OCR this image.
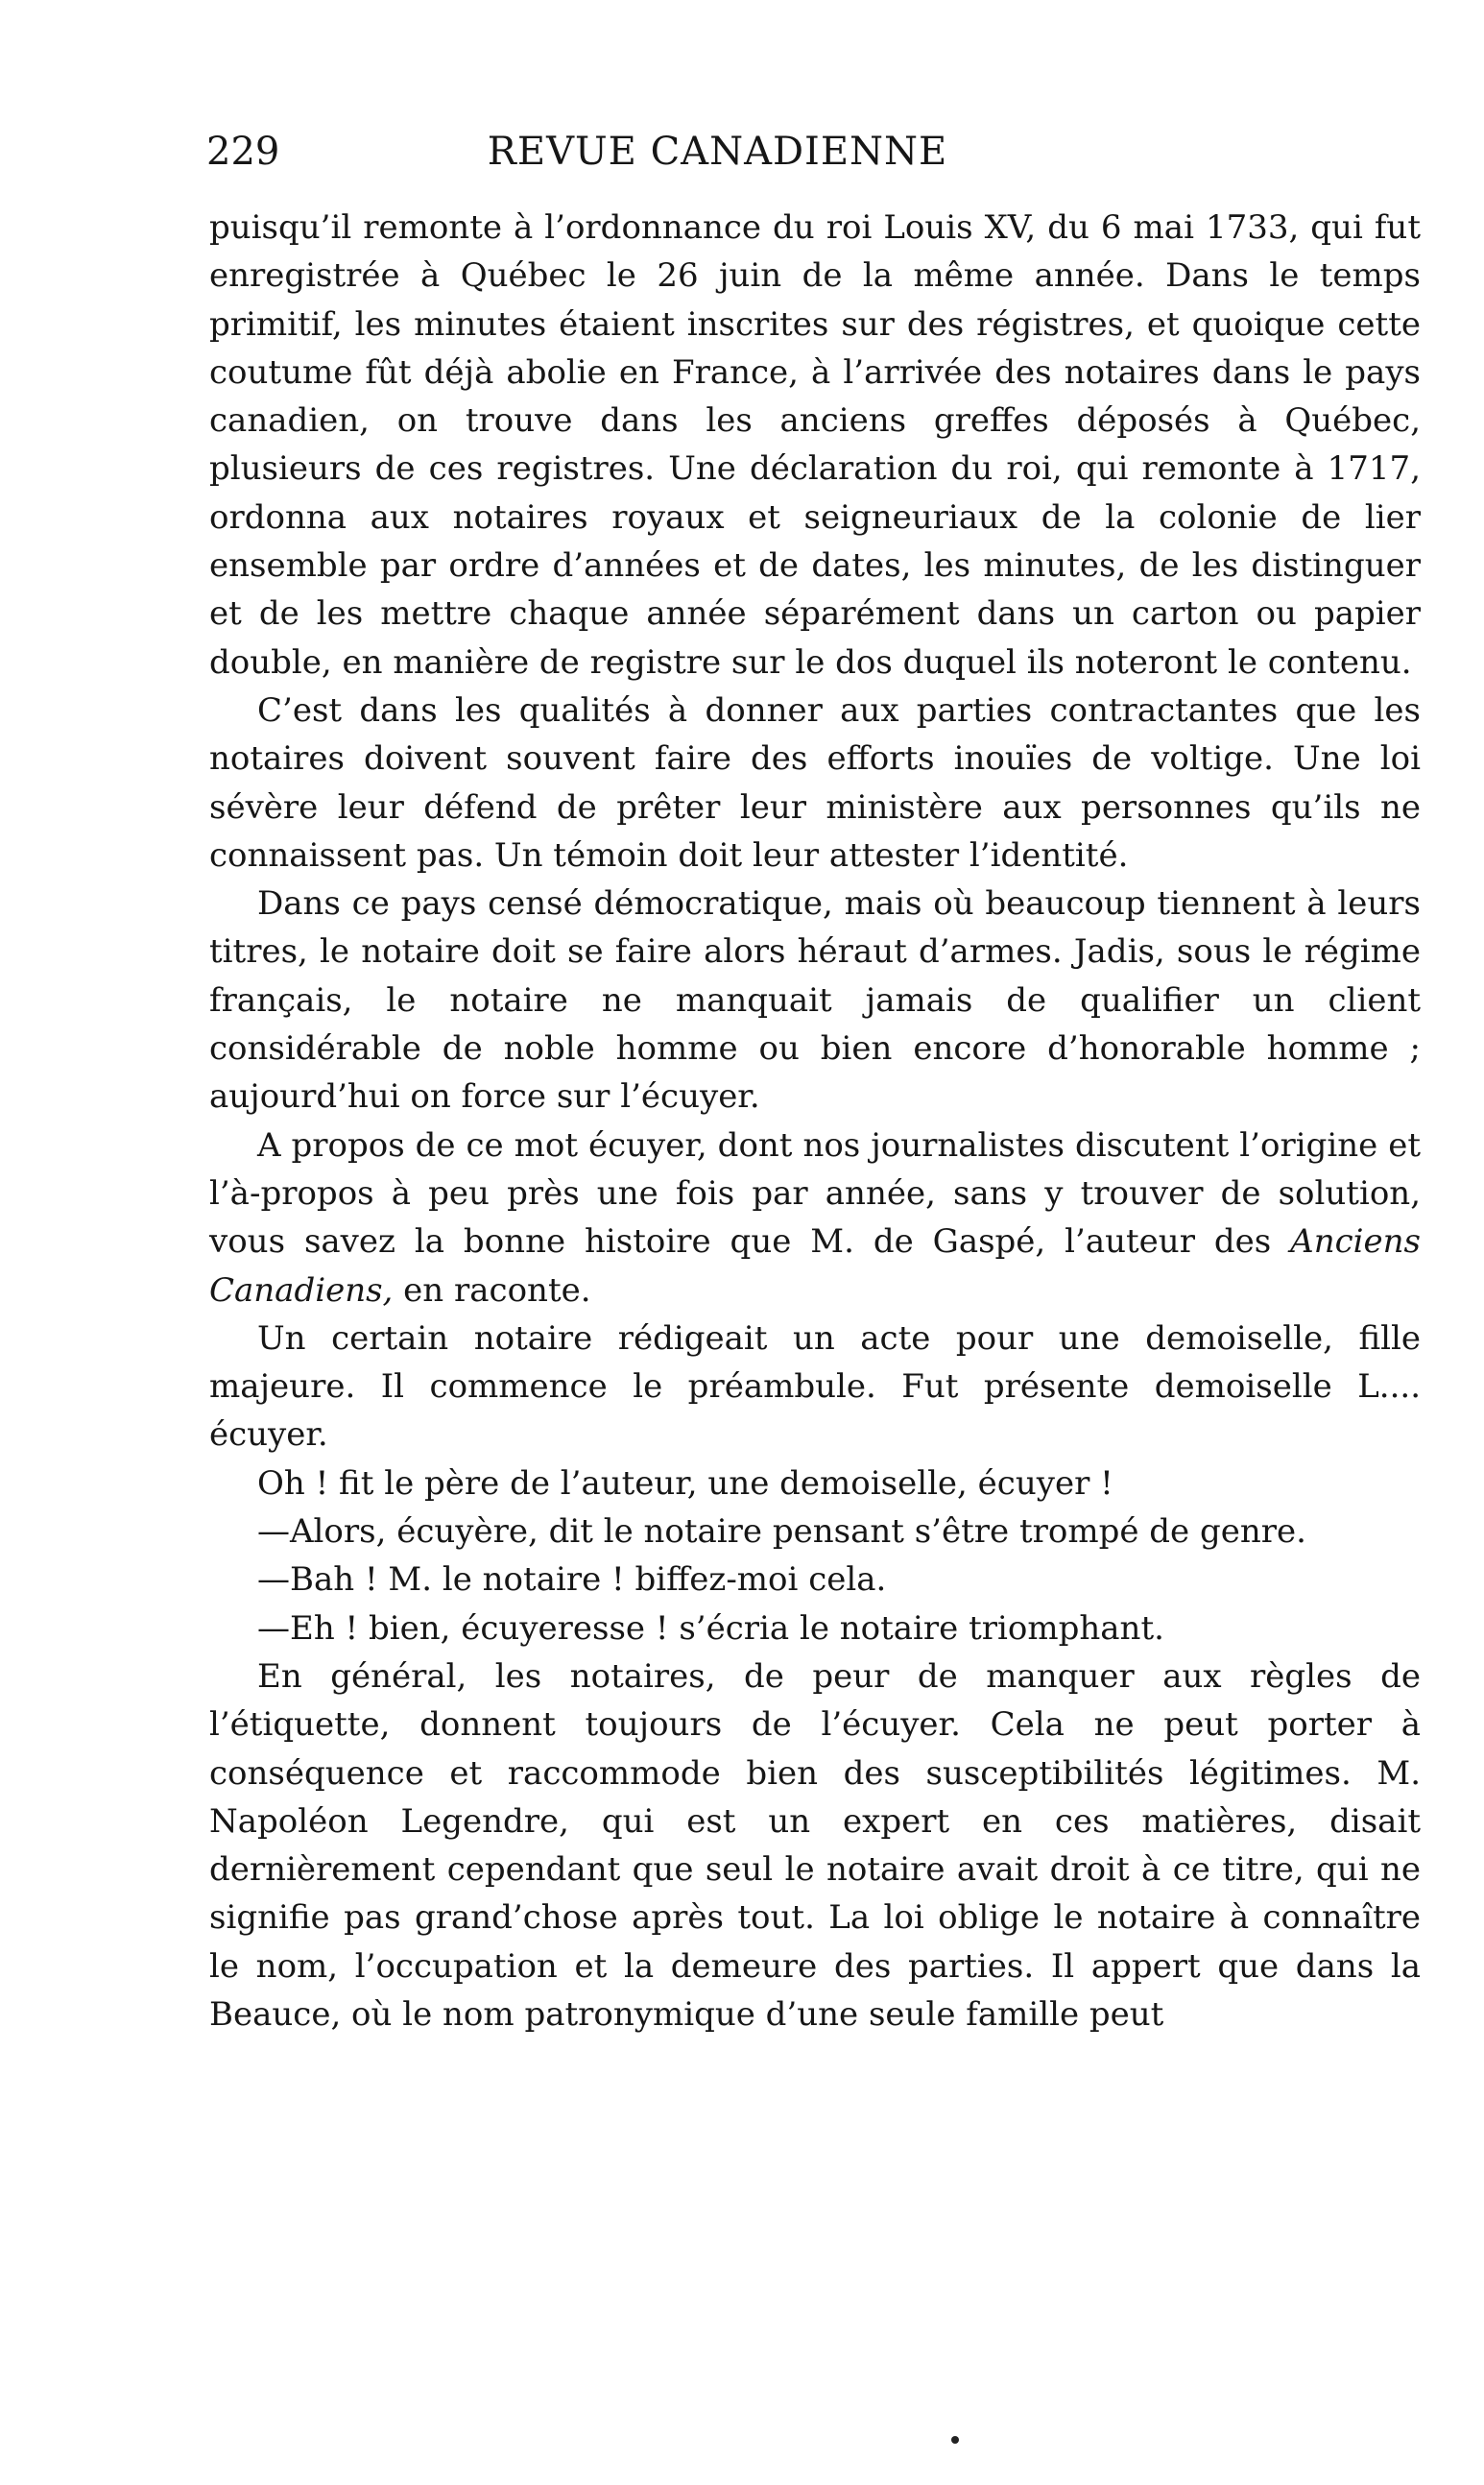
229	REVUE CANADIENNE

puisqu’il remonte à l’ordonnance du roi Louis XV, du 6 mai 1733, qui fut enregistrée à Québec le 26 juin de la même année. Dans le temps primitif, les minutes étaient inscrites sur des régistres, et quoique cette coutume fût déjà abolie en France, à l’arrivée des notaires dans le pays canadien, on trouve dans les anciens greffes déposés à Québec, plusieurs de ces registres. Une déclaration du roi, qui remonte à 1717, ordonna aux notaires royaux et seigneuriaux de la colonie de lier ensemble par ordre d’années et de dates, les minutes, de les distinguer et de les mettre chaque année séparément dans un carton ou papier double, en manière de registre sur le dos duquel ils noteront le contenu.

C’est dans les qualités à donner aux parties contractantes que les notaires doivent souvent faire des efforts inouïes de voltige. Une loi sévère leur défend de prêter leur ministère aux personnes qu’ils ne connaissent pas. Un témoin doit leur attester l’identité.

Dans ce pays censé démocratique, mais où beaucoup tiennent à leurs titres, le notaire doit se faire alors héraut d’armes. Jadis, sous le régime français, le notaire ne manquait jamais de qualifier un client considérable de noble homme ou bien encore d’honorable homme ; aujourd’hui on force sur l’écuyer.

A propos de ce mot écuyer, dont nos journalistes discutent l’origine et l’à-propos à peu près une fois par année, sans y trouver de solution, vous savez la bonne histoire que M. de Gaspé, l’auteur des Anciens Canadiens, en raconte.

Un certain notaire rédigeait un acte pour une demoiselle, fille majeure. Il commence le préambule. Fut présente demoiselle L.... écuyer.

Oh ! fit le père de l’auteur, une demoiselle, écuyer !

—Alors, écuyère, dit le notaire pensant s’être trompé de genre.

—Bah ! M. le notaire ! biffez-moi cela.

—Eh ! bien, écuyeresse ! s’écria le notaire triomphant.

En général, les notaires, de peur de manquer aux règles de l’étiquette, donnent toujours de l’écuyer. Cela ne peut porter à conséquence et raccommode bien des susceptibilités légitimes. M. Napoléon Legendre, qui est un expert en ces matières, disait dernièrement cependant que seul le notaire avait droit à ce titre, qui ne signifie pas grand’chose après tout. La loi oblige le notaire à connaître le nom, l’occupation et la demeure des parties. Il appert que dans la Beauce, où le nom patronymique d’une seule famille peut
